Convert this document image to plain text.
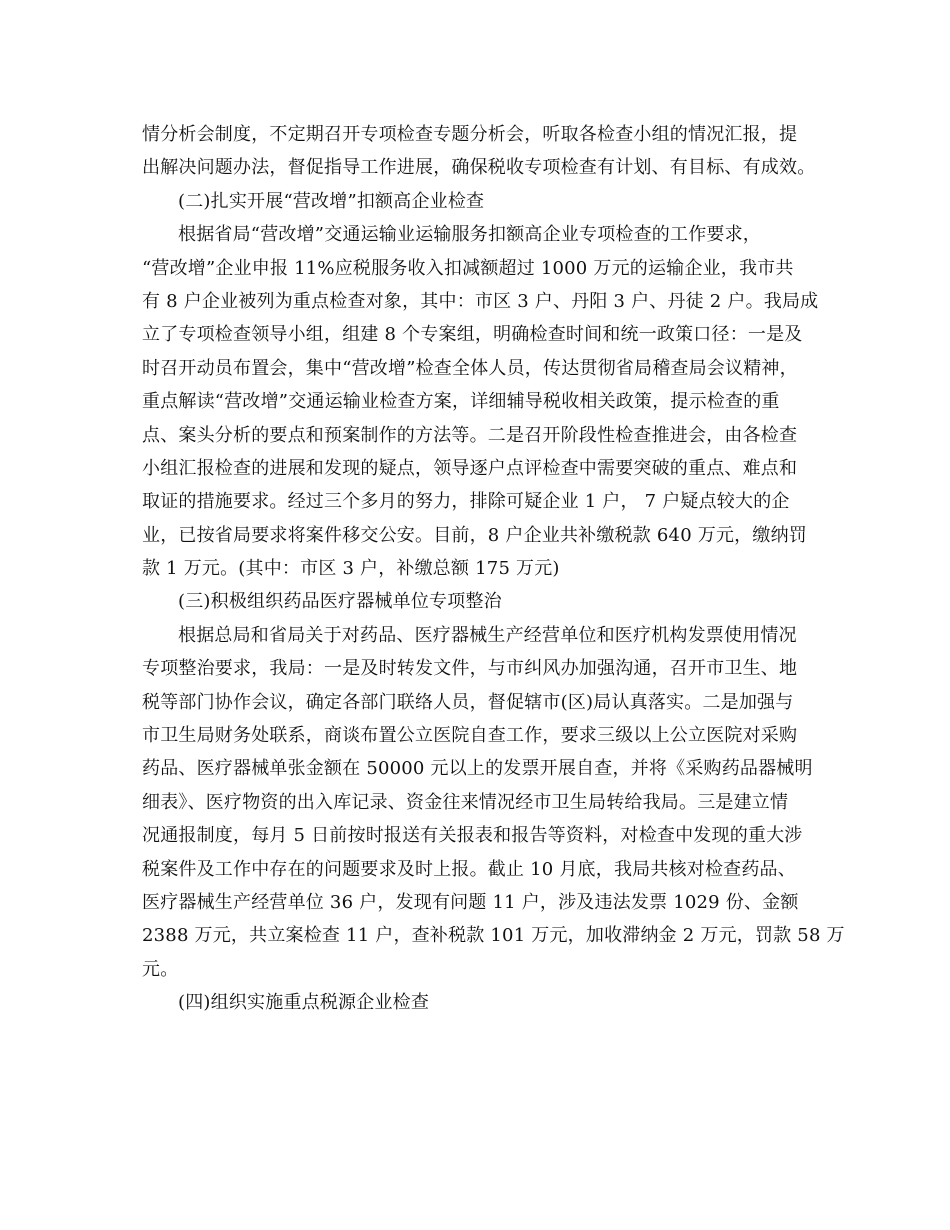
情分析会制度，不定期召开专项检查专题分析会，听取各检查小组的情况汇报，提
出解决问题办法，督促指导工作进展，确保税收专项检查有计划、有目标、有成效。
(二)扎实开展“营改增”扣额高企业检查
根据省局“营改增”交通运输业运输服务扣额高企业专项检查的工作要求，
“营改增”企业申报 11%应税服务收入扣减额超过 1000 万元的运输企业，我市共
有 8 户企业被列为重点检查对象，其中：市区 3 户、丹阳 3 户、丹徒 2 户。我局成
立了专项检查领导小组，组建 8 个专案组，明确检查时间和统一政策口径：一是及
时召开动员布置会，集中“营改增”检查全体人员，传达贯彻省局稽查局会议精神，
重点解读“营改增”交通运输业检查方案，详细辅导税收相关政策，提示检查的重
点、案头分析的要点和预案制作的方法等。二是召开阶段性检查推进会，由各检查
小组汇报检查的进展和发现的疑点，领导逐户点评检查中需要突破的重点、难点和
取证的措施要求。经过三个多月的努力，排除可疑企业 1 户， 7 户疑点较大的企
业，已按省局要求将案件移交公安。目前，8 户企业共补缴税款 640 万元，缴纳罚
款 1 万元。(其中：市区 3 户，补缴总额 175 万元)
(三)积极组织药品医疗器械单位专项整治
根据总局和省局关于对药品、医疗器械生产经营单位和医疗机构发票使用情况
专项整治要求，我局：一是及时转发文件，与市纠风办加强沟通，召开市卫生、地
税等部门协作会议，确定各部门联络人员，督促辖市(区)局认真落实。二是加强与
市卫生局财务处联系，商谈布置公立医院自查工作，要求三级以上公立医院对采购
药品、医疗器械单张金额在 50000 元以上的发票开展自查，并将《采购药品器械明
细表》、医疗物资的出入库记录、资金往来情况经市卫生局转给我局。三是建立情
况通报制度，每月 5 日前按时报送有关报表和报告等资料，对检查中发现的重大涉
税案件及工作中存在的问题要求及时上报。截止 10 月底，我局共核对检查药品、
医疗器械生产经营单位 36 户，发现有问题 11 户，涉及违法发票 1029 份、金额
2388 万元，共立案检查 11 户，查补税款 101 万元，加收滞纳金 2 万元，罚款 58 万
元。
(四)组织实施重点税源企业检查
